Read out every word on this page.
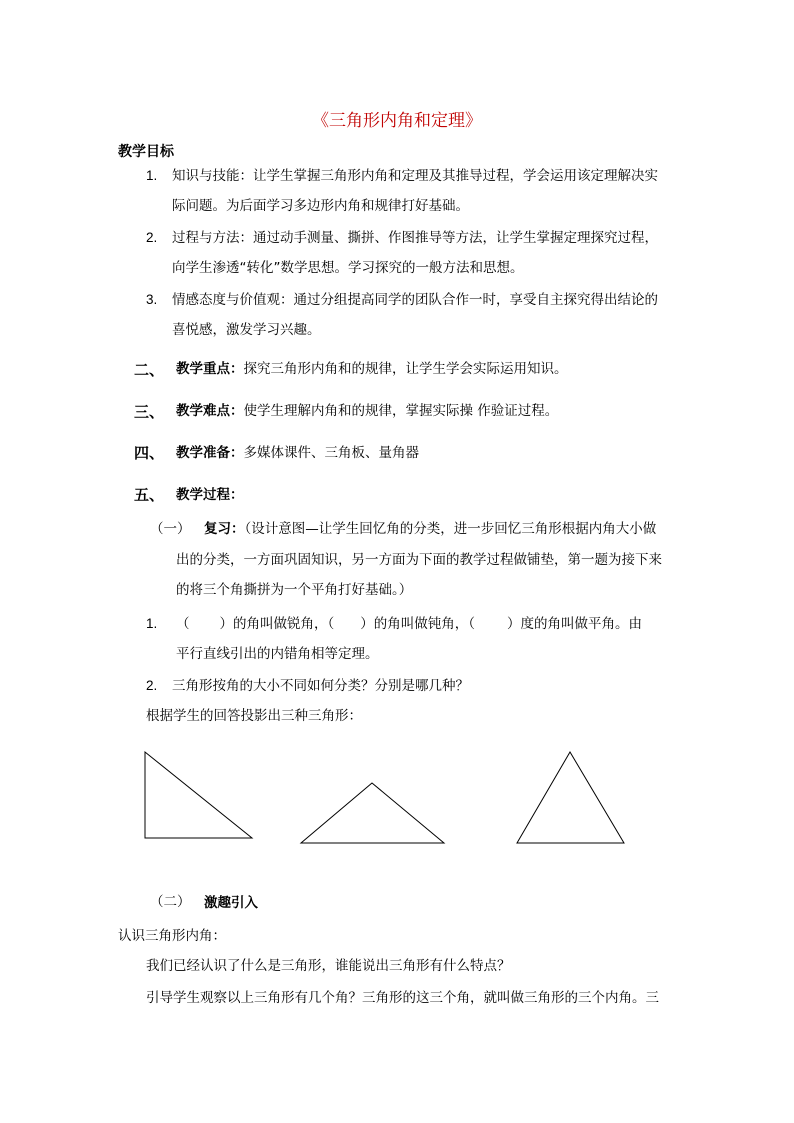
《三角形内角和定理》
教学目标
1. 知识与技能：让学生掌握三角形内角和定理及其推导过程，学会运用该定理解决实
际问题。为后面学习多边形内角和规律打好基础。
2. 过程与方法：通过动手测量、撕拼、作图推导等方法，让学生掌握定理探究过程，
向学生渗透“转化”数学思想。学习探究的一般方法和思想。
3. 情感态度与价值观：通过分组提高同学的团队合作一时，享受自主探究得出结论的
喜悦感，激发学习兴趣。
二、 教学重点：探究三角形内角和的规律，让学生学会实际运用知识。
三、 教学难点：使学生理解内角和的规律，掌握实际操 作验证过程。
四、 教学准备：多媒体课件、三角板、量角器
五、 教学过程：
（一） 复习：（设计意图—让学生回忆角的分类，进一步回忆三角形根据内角大小做
出的分类，一方面巩固知识，另一方面为下面的教学过程做铺垫，第一题为接下来
的将三个角撕拼为一个平角打好基础。）
1. （ ）的角叫做锐角，（ ）的角叫做钝角，（ ）度的角叫做平角。由
平行直线引出的内错角相等定理。
2. 三角形按角的大小不同如何分类？分别是哪几种？
根据学生的回答投影出三种三角形：
（二） 激趣引入
认识三角形内角：
我们已经认识了什么是三角形，谁能说出三角形有什么特点？
引导学生观察以上三角形有几个角？三角形的这三个角，就叫做三角形的三个内角。三
